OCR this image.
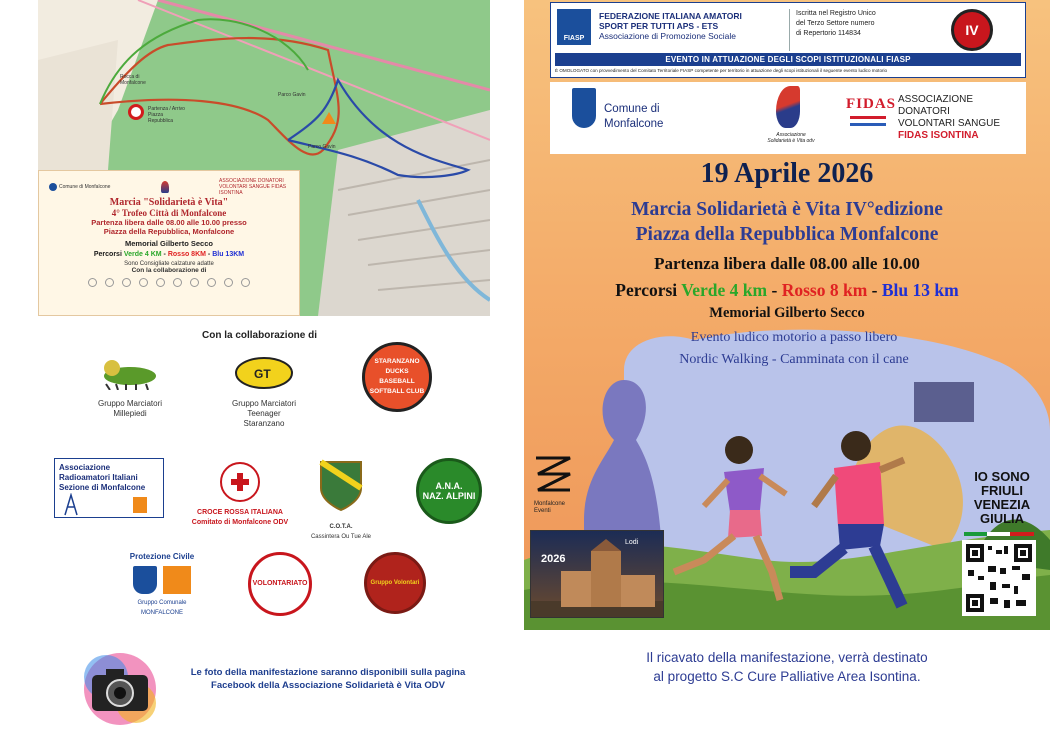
Partenza / Arrivo Piazza Repubblica
Rocca di Monfalcone
Parco Gavin
Parco Gavin
Comune di Monfalcone
ASSOCIAZIONE DONATORI VOLONTARI SANGUE FIDAS ISONTINA
Marcia "Solidarietà è Vita"
4° Trofeo Città di Monfalcone
Partenza libera dalle 08.00 alle 10.00 presso
Piazza della Repubblica, Monfalcone
Memorial Gilberto Secco
Percorsi Verde 4 KM - Rosso 8KM - Blu 13KM
Sono Consigliate calzature adatte
Con la collaborazione di
Con la collaborazione di
Gruppo Marciatori
Millepiedi
GT
Gruppo Marciatori
Teenager
Staranzano
STARANZANO DUCKS
BASEBALL SOFTBALL CLUB
Associazione Radioamatori Italiani
Sezione di Monfalcone
CROCE ROSSA ITALIANA
Comitato di Monfalcone ODV
C.O.T.A.
Cassintera Ou Tue Ale
A.N.A.
NAZ. ALPINI
Protezione Civile
Gruppo Comunale
MONFALCONE
VOLONTARIATO	Gruppo Volontari
Le foto della manifestazione saranno disponibili sulla pagina Facebook della Associazione Solidarietà è Vita ODV
FIASP
FEDERAZIONE ITALIANA AMATORI
SPORT PER TUTTI APS - ETS
Associazione di Promozione Sociale
Iscritta nel Registro Unico
del Terzo Settore numero
di Repertorio 114834	IV
EVENTO IN ATTUAZIONE DEGLI SCOPI ISTITUZIONALI FIASP
È OMOLOGATO con provvedimento del Comitato Territoriale FIASP competente per territorio in attuazione degli scopi istituzionali il seguente evento ludico motorio
Comune di
Monfalcone
Associazione
Solidarietà è Vita odv
FIDAS ASSOCIAZIONE DONATORI
VOLONTARI SANGUE
FIDAS ISONTINA
19 Aprile 2026
Marcia Solidarietà è Vita IV°edizione
Piazza della Repubblica Monfalcone
Partenza libera dalle 08.00 alle 10.00
Percorsi Verde 4 km - Rosso 8 km - Blu 13 km
Memorial Gilberto Secco
Evento ludico motorio a passo libero
Nordic Walking - Camminata con il cane
Monfalcone
Eventi
2026
Lodi
IO SONO FRIULI VENEZIA GIULIA
Il ricavato della manifestazione, verrà destinato
al progetto S.C Cure Palliative Area Isontina.
